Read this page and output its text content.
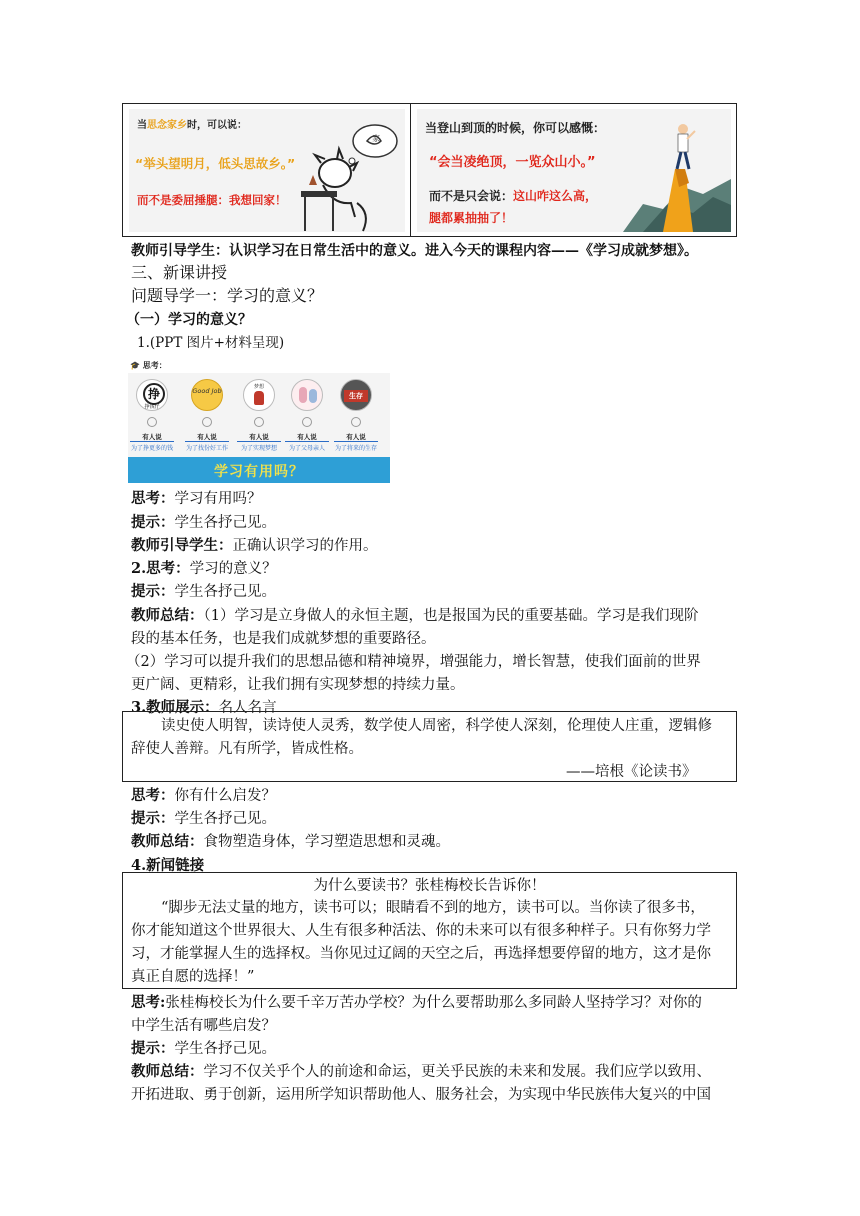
当思念家乡时，可以说：
“举头望明月，低头思故乡。”
而不是委屈捶腿：我想回家！
家
当登山到顶的时候，你可以感慨：
“会当凌绝顶，一览众山小。”
而不是只会说：这山咋这么高，
腿都累抽抽了！
教师引导学生：认识学习在日常生活中的意义。进入今天的课程内容——《学习成就梦想》。
三、新课讲授
问题导学一：学习的意义？
（一）学习的意义？
1.(PPT 图片+材料呈现)
🎓 思考：
挣
挣钱仔
Good Job	梦想
生存
有人说	有人说	有人说	有人说	有人说
为了挣更多的钱	为了找份好工作	为了实现梦想	为了父母亲人	为了将来的生存
学习有用吗？
思考：学习有用吗？
提示：学生各抒己见。
教师引导学生：正确认识学习的作用。
2.思考：学习的意义？
提示：学生各抒己见。
教师总结：（1）学习是立身做人的永恒主题，也是报国为民的重要基础。学习是我们现阶
段的基本任务，也是我们成就梦想的重要路径。
（2）学习可以提升我们的思想品德和精神境界，增强能力，增长智慧，使我们面前的世界
更广阔、更精彩，让我们拥有实现梦想的持续力量。
3.教师展示：名人名言
读史使人明智，读诗使人灵秀，数学使人周密，科学使人深刻，伦理使人庄重，逻辑修
辞使人善辩。凡有所学，皆成性格。
——培根《论读书》
思考：你有什么启发？
提示：学生各抒己见。
教师总结：食物塑造身体，学习塑造思想和灵魂。
4.新闻链接
为什么要读书？张桂梅校长告诉你！
“脚步无法丈量的地方，读书可以；眼睛看不到的地方，读书可以。当你读了很多书，
你才能知道这个世界很大、人生有很多种活法、你的未来可以有很多种样子。只有你努力学
习，才能掌握人生的选择权。当你见过辽阔的天空之后，再选择想要停留的地方，这才是你
真正自愿的选择！”
思考:张桂梅校长为什么要千辛万苦办学校？为什么要帮助那么多同龄人坚持学习？对你的
中学生活有哪些启发？
提示：学生各抒己见。
教师总结：学习不仅关乎个人的前途和命运，更关乎民族的未来和发展。我们应学以致用、
开拓进取、勇于创新，运用所学知识帮助他人、服务社会，为实现中华民族伟大复兴的中国
